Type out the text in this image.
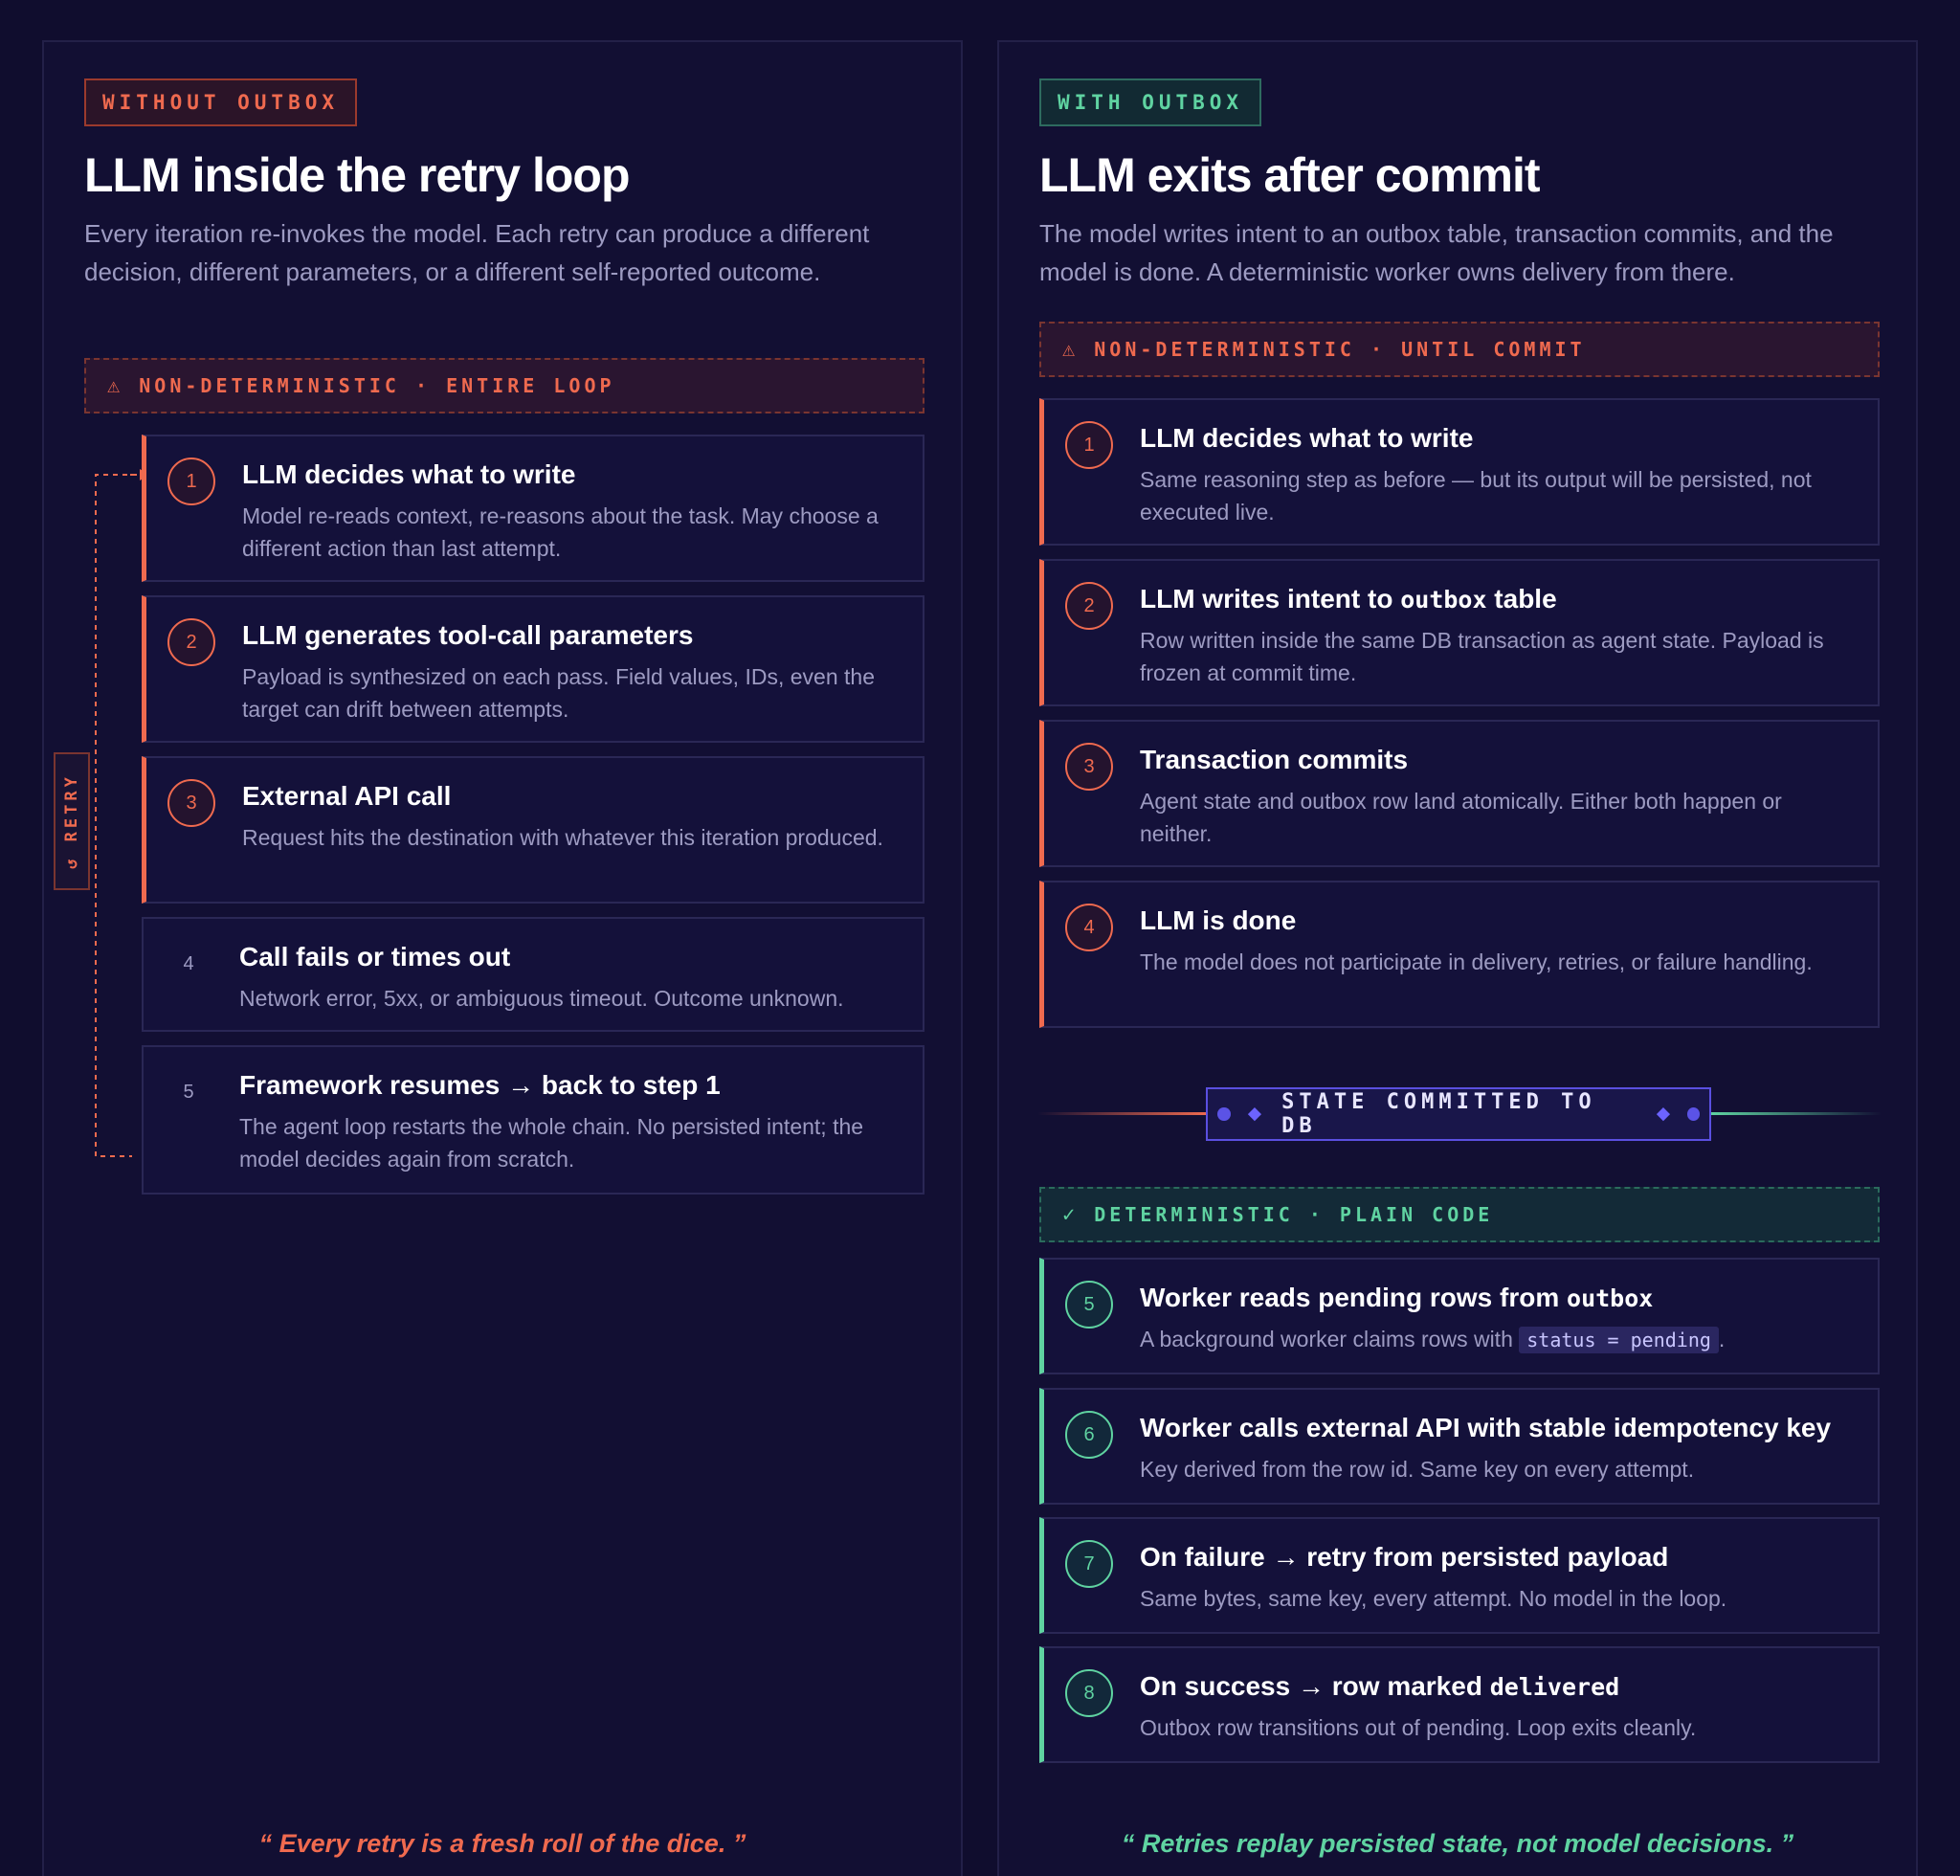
WITHOUT OUTBOX
LLM inside the retry loop
Every iteration re-invokes the model. Each retry can produce a different decision, different parameters, or a different self-reported outcome.
⚠ NON-DETERMINISTIC · ENTIRE LOOP
↺ RETRY
1	LLM decides what to write
Model re-reads context, re-reasons about the task. May choose a different action than last attempt.
2	LLM generates tool-call parameters
Payload is synthesized on each pass. Field values, IDs, even the target can drift between attempts.
3	External API call
Request hits the destination with whatever this iteration produced.
4	Call fails or times out
Network error, 5xx, or ambiguous timeout. Outcome unknown.
5	Framework resumes → back to step 1
The agent loop restarts the whole chain. No persisted intent; the model decides again from scratch.
“ Every retry is a fresh roll of the dice. ”
WITH OUTBOX
LLM exits after commit
The model writes intent to an outbox table, transaction commits, and the model is done. A deterministic worker owns delivery from there.
⚠ NON-DETERMINISTIC · UNTIL COMMIT
1	LLM decides what to write
Same reasoning step as before — but its output will be persisted, not executed live.
2	LLM writes intent to outbox table
Row written inside the same DB transaction as agent state. Payload is frozen at commit time.
3	Transaction commits
Agent state and outbox row land atomically. Either both happen or neither.
4	LLM is done
The model does not participate in delivery, retries, or failure handling.
STATE COMMITTED TO DB
✓ DETERMINISTIC · PLAIN CODE
5	Worker reads pending rows from outbox
A background worker claims rows with status = pending .
6	Worker calls external API with stable idempotency key
Key derived from the row id. Same key on every attempt.
7	On failure → retry from persisted payload
Same bytes, same key, every attempt. No model in the loop.
8	On success → row marked delivered
Outbox row transitions out of pending. Loop exits cleanly.
“ Retries replay persisted state, not model decisions. ”
